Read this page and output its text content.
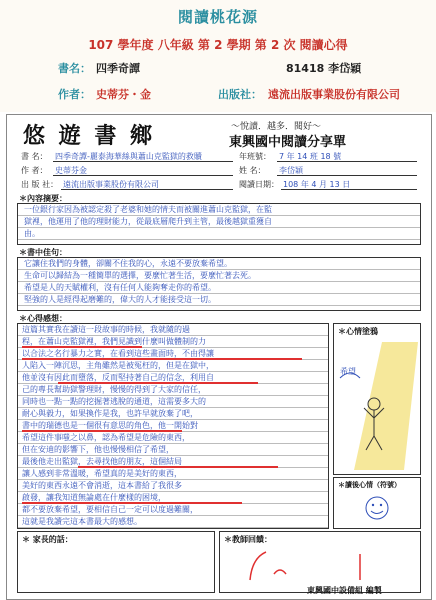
閱讀桃花源
107 學年度 八年級 第 2 學期 第 2 次 閱讀心得
書名： 四季奇譚	81418 李岱穎
作者： 史蒂芬・金	出版社： 遠流出版事業股份有限公司
悠 遊 書 鄉	～悅讀．越多．閱好～
東興國中閱讀分享單
書 名： 四季奇譚-麗泰海華絲與蕭山克監獄的救贖	年班號： 7 年 14 班 18 號
作 者： 史蒂芬金	姓 名： 李岱穎
出 版 社： 遠流出版事業股份有限公司	閱讀日期： 108 年 4 月 13 日
＊內容摘要：
一位銀行家因為被認定殺了老婆和她的情夫而被關進蕭山克監獄，在監
獄裡，他運用了他的理財能力，從最底層爬升到主管，最後越獄重獲自
由。
＊書中佳句：
它讓住我們的身體，卻關不住我的心，永遠不要放棄希望。
生命可以歸結為一種簡單的選擇，要麼忙著生活，要麼忙著去死。
希望是人的天賦權利，沒有任何人能夠奪走你的希望。
堅強的人是經得起磨難的，偉大的人才能接受這一切。
＊心得感想：
這篇其實我在讀這一段故事的時候，我就隨的過
程，在蕭山克監獄裡，我們見識到什麼叫做體制的力
以合法之名行暴力之實，在看到這些畫面時，不由得讓
人陷入一陣沉思，主角雖然是被冤枉的，但是在獄中，
他並沒有因此而墮落，反而堅持著自己的信念，利用自
己的專長幫助獄警理財，慢慢的得到了大家的信任，
同時也一點一點的挖掘著逃脫的通道，這需要多大的
耐心與毅力，如果換作是我，也許早就放棄了吧，
書中的瑞德也是一個很有意思的角色，他一開始對
希望這件事嗤之以鼻，認為希望是危險的東西，
但在安迪的影響下，他也慢慢相信了希望，
最後他走出監獄，去尋找他的朋友，這個結局
讓人感到非常溫暖，希望真的是美好的東西，
美好的東西永遠不會消逝，這本書給了我很多
啟發，讓我知道無論處在什麼樣的困境，
都不要放棄希望，要相信自己一定可以度過難關，
這就是我讀完這本書最大的感想。
＊心情塗鴉
希望
＊讀後心情（符號）
＊ 家長的話：	＊教師回饋：
東興國中設備組 編製
